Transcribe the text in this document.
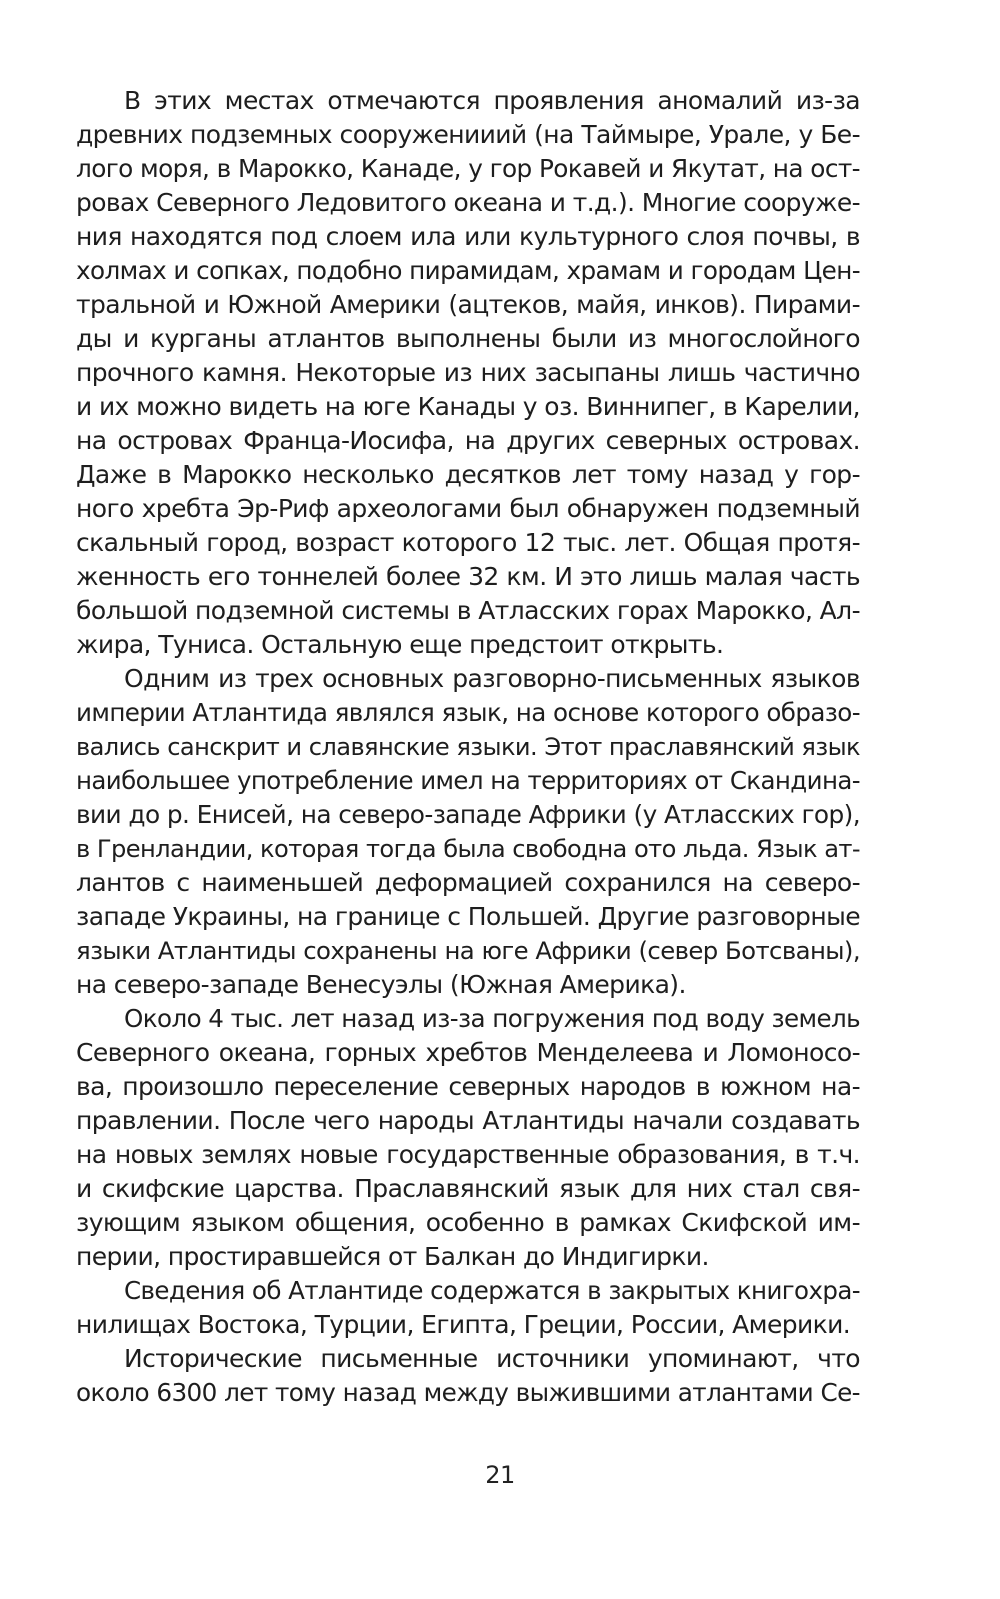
В этих местах отмечаются проявления аномалий из-за
древних подземных сооруженииий (на Таймыре, Урале, у Бе-
лого моря, в Марокко, Канаде, у гор Рокавей и Якутат, на ост-
ровах Северного Ледовитого океана и т.д.). Многие сооруже-
ния находятся под слоем ила или культурного слоя почвы, в
холмах и сопках, подобно пирамидам, храмам и городам Цен-
тральной и Южной Америки (ацтеков, майя, инков). Пирами-
ды и курганы атлантов выполнены были из многослойного
прочного камня. Некоторые из них засыпаны лишь частично
и их можно видеть на юге Канады у оз. Виннипег, в Карелии,
на островах Франца-Иосифа, на других северных островах.
Даже в Марокко несколько десятков лет тому назад у гор-
ного хребта Эр-Риф археологами был обнаружен подземный
скальный город, возраст которого 12 тыс. лет. Общая протя-
женность его тоннелей более 32 км. И это лишь малая часть
большой подземной системы в Атласских горах Марокко, Ал-
жира, Туниса. Остальную еще предстоит открыть.
Одним из трех основных разговорно-письменных языков
империи Атлантида являлся язык, на основе которого образо-
вались санскрит и славянские языки. Этот праславянский язык
наибольшее употребление имел на территориях от Скандина-
вии до р. Енисей, на северо-западе Африки (у Атласских гор),
в Гренландии, которая тогда была свободна ото льда. Язык ат-
лантов с наименьшей деформацией сохранился на северо-
западе Украины, на границе с Польшей. Другие разговорные
языки Атлантиды сохранены на юге Африки (север Ботсваны),
на северо-западе Венесуэлы (Южная Америка).
Около 4 тыс. лет назад из-за погружения под воду земель
Северного океана, горных хребтов Менделеева и Ломоносо-
ва, произошло переселение северных народов в южном на-
правлении. После чего народы Атлантиды начали создавать
на новых землях новые государственные образования, в т.ч.
и скифские царства. Праславянский язык для них стал свя-
зующим языком общения, особенно в рамках Скифской им-
перии, простиравшейся от Балкан до Индигирки.
Сведения об Атлантиде содержатся в закрытых книгохра-
нилищах Востока, Турции, Египта, Греции, России, Америки.
Исторические письменные источники упоминают, что
около 6300 лет тому назад между выжившими атлантами Се-
21
